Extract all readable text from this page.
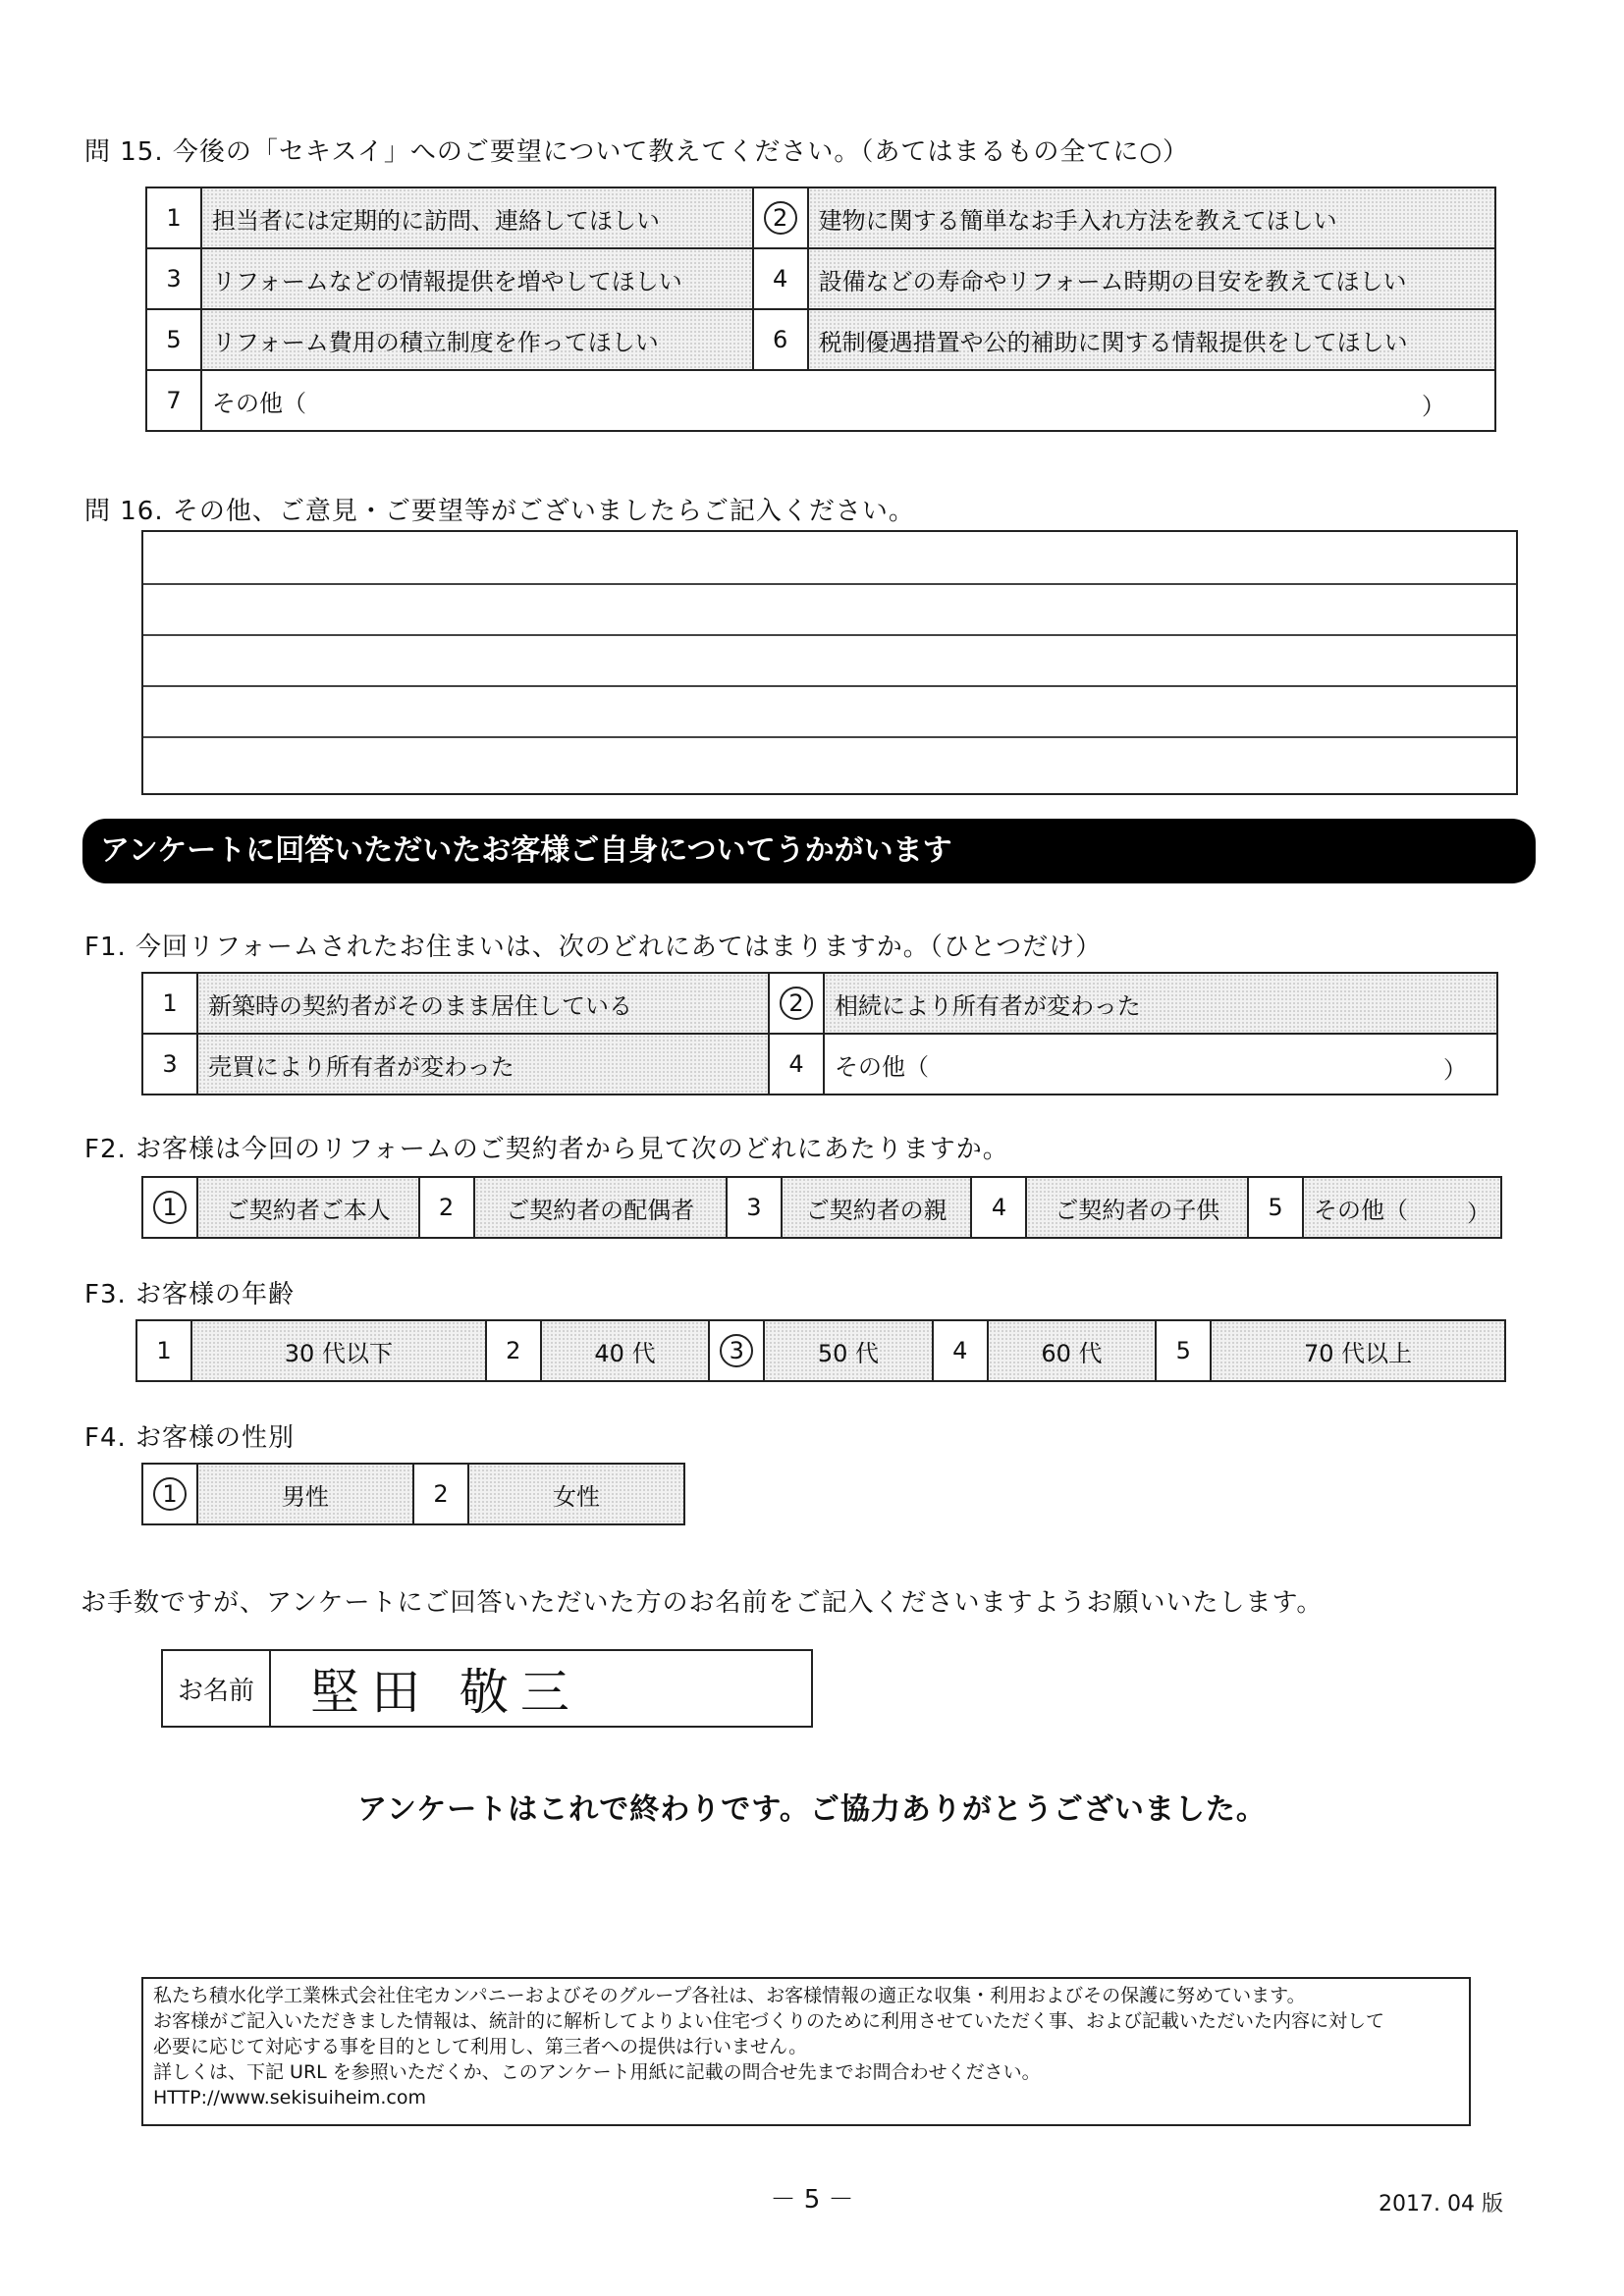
問 15. 今後の「セキスイ」へのご要望について教えてください。（あてはまるもの全てに○）
1	担当者には定期的に訪問、連絡してほしい	2	建物に関する簡単なお手入れ方法を教えてほしい
3	リフォームなどの情報提供を増やしてほしい	4	設備などの寿命やリフォーム時期の目安を教えてほしい
5	リフォーム費用の積立制度を作ってほしい	6	税制優遇措置や公的補助に関する情報提供をしてほしい
7	その他（ ）		
問 16. その他、ご意見・ご要望等がございましたらご記入ください。
アンケートに回答いただいたお客様ご自身についてうかがいます
F1. 今回リフォームされたお住まいは、次のどれにあてはまりますか。（ひとつだけ）
1	新築時の契約者がそのまま居住している	2	相続により所有者が変わった
3	売買により所有者が変わった	4	その他（ ）
F2. お客様は今回のリフォームのご契約者から見て次のどれにあたりますか。
1	ご契約者ご本人	2	ご契約者の配偶者	3	ご契約者の親	4	ご契約者の子供	5	その他（	）
F3. お客様の年齢
1	30 代以下	2	40 代	3	50 代	4	60 代	5	70 代以上
F4. お客様の性別
1	男性	2	女性
お手数ですが、アンケートにご回答いただいた方のお名前をご記入くださいますようお願いいたします。
お名前	堅田 敬三
アンケートはこれで終わりです。ご協力ありがとうございました。
私たち積水化学工業株式会社住宅カンパニーおよびそのグループ各社は、お客様情報の適正な収集・利用およびその保護に努めています。
お客様がご記入いただきました情報は、統計的に解析してよりよい住宅づくりのために利用させていただく事、および記載いただいた内容に対して
必要に応じて対応する事を目的として利用し、第三者への提供は行いません。
詳しくは、下記 URL を参照いただくか、このアンケート用紙に記載の問合せ先までお問合わせください。
HTTP://www.sekisuiheim.com
－ 5 －	2017. 04 版
